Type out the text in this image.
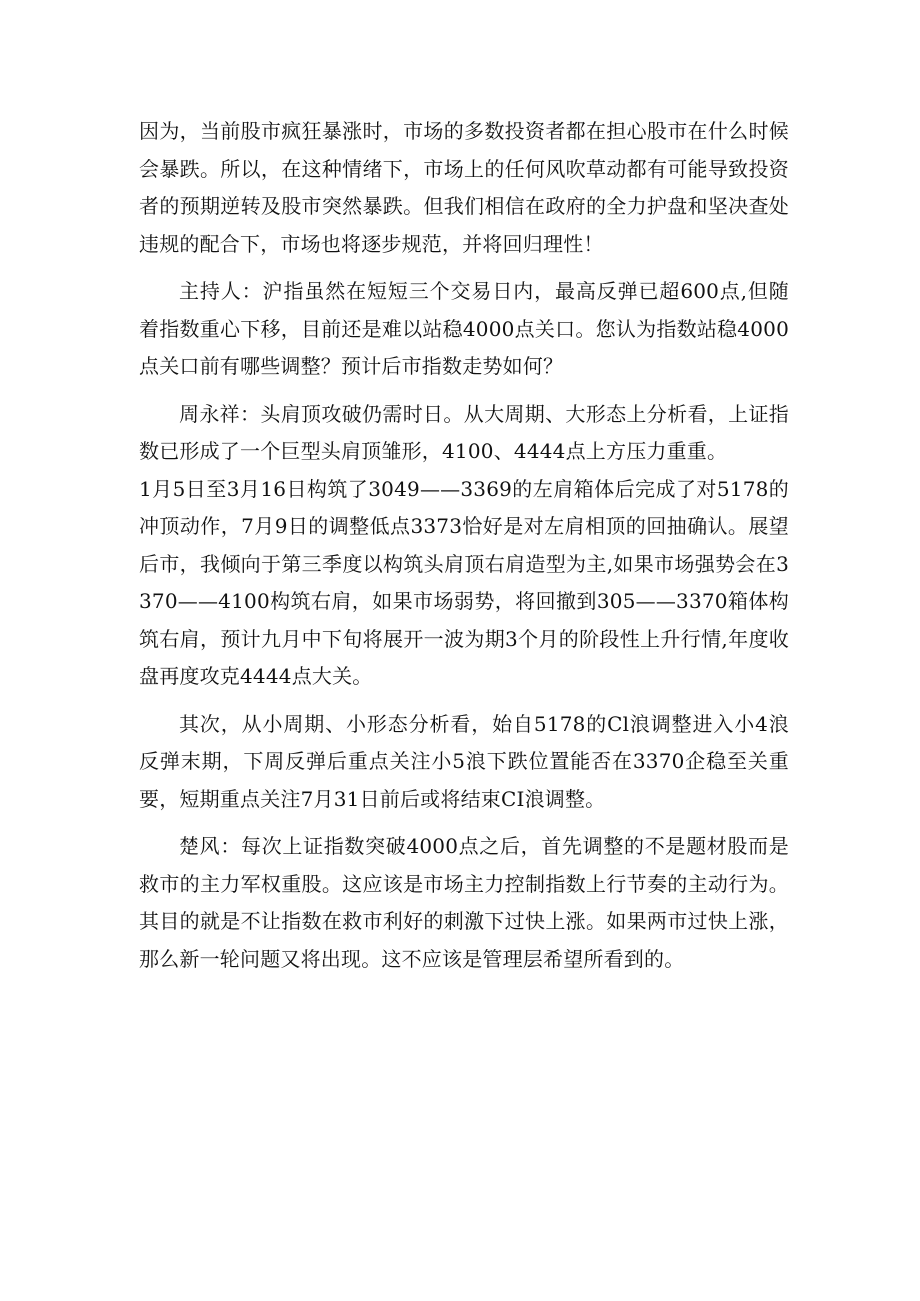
因为，当前股市疯狂暴涨时，市场的多数投资者都在担心股市在什么时候会暴跌。所以，在这种情绪下，市场上的任何风吹草动都有可能导致投资者的预期逆转及股市突然暴跌。但我们相信在政府的全力护盘和坚决查处违规的配合下，市场也将逐步规范，并将回归理性！

主持人：沪指虽然在短短三个交易日内，最高反弹已超600点,但随着指数重心下移，目前还是难以站稳4000点关口。您认为指数站稳4000点关口前有哪些调整？预计后市指数走势如何？

周永祥：头肩顶攻破仍需时日。从大周期、大形态上分析看，上证指数已形成了一个巨型头肩顶雏形，4100、4444点上方压力重重。

1月5日至3月16日构筑了3049——3369的左肩箱体后完成了对5178的冲顶动作，7月9日的调整低点3373恰好是对左肩相顶的回抽确认。展望后市，我倾向于第三季度以构筑头肩顶右肩造型为主,如果市场强势会在3370——4100构筑右肩，如果市场弱势，将回撤到305——3370箱体构筑右肩，预计九月中下旬将展开一波为期3个月的阶段性上升行情,年度收盘再度攻克4444点大关。

其次，从小周期、小形态分析看，始自5178的Cl浪调整进入小4浪反弹末期，下周反弹后重点关注小5浪下跌位置能否在3370企稳至关重要，短期重点关注7月31日前后或将结束CI浪调整。

楚风：每次上证指数突破4000点之后，首先调整的不是题材股而是救市的主力军权重股。这应该是市场主力控制指数上行节奏的主动行为。其目的就是不让指数在救市利好的刺激下过快上涨。如果两市过快上涨，那么新一轮问题又将出现。这不应该是管理层希望所看到的。
